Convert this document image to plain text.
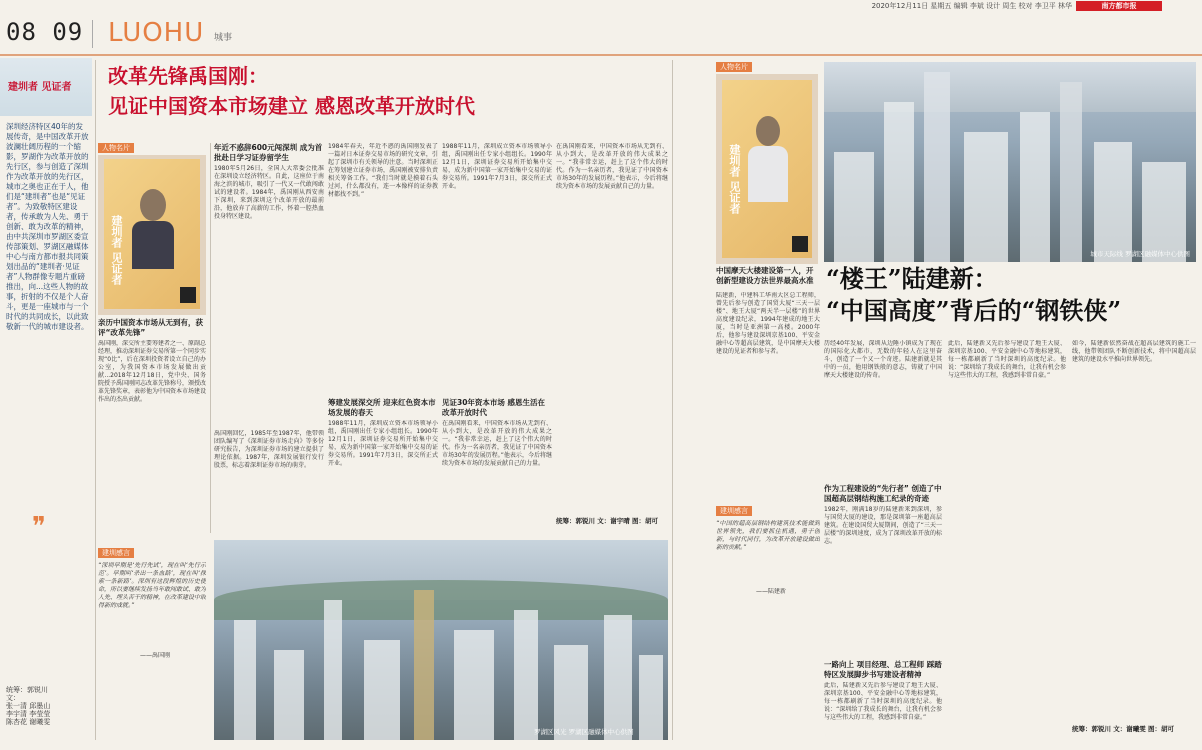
2020年12月11日 星期五 编辑 李斌 设计 周生 校对 李卫平 林华	南方都市报
08 09 LUOHU 城事
建圳者 见证者
深圳经济特区40年的发展传奇，是中国改革开放波澜壮阔历程的一个缩影，罗湖作为改革开放的先行区，参与创造了深圳作为改革开放的先行区，城市之奥也正在于人，他们是“建圳者”也是“见证者”。为致敬特区建设者，传承敢为人先、勇于创新、敢为改革的精神，由中共深圳市罗湖区委宣传部策划、罗湖区融媒体中心与南方都市报共同策划出品的“建圳者·见证者”人物群像专题片重磅推出，向...这些人物的故事，折射的不仅是个人奋斗，更是一座城市与一个时代的共同成长，以此致敬新一代的城市建设者。
❞
统筹：郭锐川
文：
张一清 邱墨山
李宇清 李莹莹
陈杏花 谢曦雯
改革先锋禹国刚：
见证中国资本市场建立 感恩改革开放时代
人物名片
建圳者 见证者
亲历中国资本市场从无到有，获评“改革先锋”
禹国刚，深交所主要筹建者之一、原副总经理，推动深圳证券交易所第一个同步实现“0比”，后在深圳投资者设立自己的办公室，为我国资本市场发展做出贡献...2018年12月18日，党中央、国务院授予禹国刚同志改革先锋称号，颁授改革先锋奖章，表彰他为中国资本市场建设作出的杰出贡献。
建圳感言
“深圳早期是‘先行先试’，现在叫‘先行示范’。早期叫‘杀出一条血路’，现在叫‘探索一条新路’。深圳有这段辉煌的历史使命，所以要继续发扬当年敢闯敢试、敢为人先、埋头苦干的精神，在改革建设中取得新的成就。”
——禹国刚
年近不惑辞600元闯深圳 成为首批赴日学习证券留学生
1980年5月26日，全国人大常委会批准在深圳设立经济特区。自此，这座位于南海之滨的城市，吸引了一代又一代敢闯敢试的建设者。1984年，禹国刚从西安南下深圳，来到深圳这个改革开放的最前沿，他放弃了高薪的工作，怀着一腔热血投身特区建设。
禹国刚回忆，1985年至1987年，他带领团队编写了《深圳证券市场走向》等多份研究报告，为深圳证券市场的建立提供了理论依据。1987年，深圳发展银行发行股票，标志着深圳证券市场的萌芽。
1984年春天，年近不惑的禹国刚发表了一篇对日本证券交易市场的研究文章，引起了深圳市有关领导的注意。当时深圳正在筹划建立证券市场，禹国刚被安排负责相关筹备工作。“我们当时就是摸着石头过河，什么都没有，连一本像样的证券教材都找不到。”
筹建发展深交所 迎来红色资本市场发展的春天
1988年11月，深圳成立资本市场领导小组，禹国刚出任专家小组组长。1990年12月1日，深圳证券交易所开始集中交易，成为新中国第一家开始集中交易的证券交易所。1991年7月3日，深交所正式开业。
1988年11月，深圳成立资本市场领导小组，禹国刚出任专家小组组长。1990年12月1日，深圳证券交易所开始集中交易，成为新中国第一家开始集中交易的证券交易所。1991年7月3日，深交所正式开业。
见证30年资本市场 感恩生活在改革开放时代
在禹国刚看来，中国资本市场从无到有、从小到大，是改革开放的伟大成果之一。“我非常幸运，赶上了这个伟大的时代。作为一名亲历者，我见证了中国资本市场30年的发展历程。”他表示，今后将继续为资本市场的发展贡献自己的力量。
在禹国刚看来，中国资本市场从无到有、从小到大，是改革开放的伟大成果之一。“我非常幸运，赶上了这个伟大的时代。作为一名亲历者，我见证了中国资本市场30年的发展历程。”他表示，今后将继续为资本市场的发展贡献自己的力量。
统筹：郭锐川 文：谢宇晴 图：胡可
罗湖区风光 罗湖区融媒体中心供图
人物名片
建圳者 见证者
中国摩天大楼建设第一人，开创新型建设方法世界最高水准
陆建新，中建科工华南大区总工程师，曾先后参与创造了国贸大厦“三天一层楼”、地王大厦“两天半一层楼”的世界高度建设纪录，1994年建成的地王大厦，当时是亚洲第一高楼。2000年后，他参与建设深圳京基100、平安金融中心等超高层建筑，是中国摩天大楼建设的见证者和参与者。
建圳感言
“中国的超高层钢结构建筑技术能做到世界领先，我们要抓住机遇，勇于创新，与时代同行，为改革开放建设做出新的贡献。”
——陆建新
城市天际线 罗湖区融媒体中心供图
“楼王”陆建新：
“中国高度”背后的“钢铁侠”
历经40年发展，深圳从边陲小镇成为了现在的国际化大都市，无数的年轻人在这里奋斗，创造了一个又一个奇迹。陆建新就是其中的一员，他用钢铁般的意志，铸就了中国摩天大楼建设的传奇。
作为工程建设的“先行者” 创造了中国超高层钢结构施工纪录的奇迹
1982年，刚满18岁的陆建新来到深圳，参与国贸大厦的建设，那是深圳第一座超高层建筑。在建设国贸大厦期间，创造了“三天一层楼”的深圳速度，成为了深圳改革开放的标志。
一路向上 项目经理、总工程师 踩踏特区发展脚步书写建设者精神
此后，陆建新又先后参与建设了地王大厦、深圳京基100、平安金融中心等地标建筑，每一栋都刷新了当时深圳的高度纪录。他说：“深圳给了我成长的舞台，让我有机会参与这些伟大的工程，我感到非常自豪。”
此后，陆建新又先后参与建设了地王大厦、深圳京基100、平安金融中心等地标建筑，每一栋都刷新了当时深圳的高度纪录。他说：“深圳给了我成长的舞台，让我有机会参与这些伟大的工程，我感到非常自豪。”
如今，陆建新依然奋战在超高层建筑的施工一线，他带领团队不断创新技术，将中国超高层建筑的建设水平推向世界领先。
统筹：郭锐川 文：谢曦雯 图：胡可
